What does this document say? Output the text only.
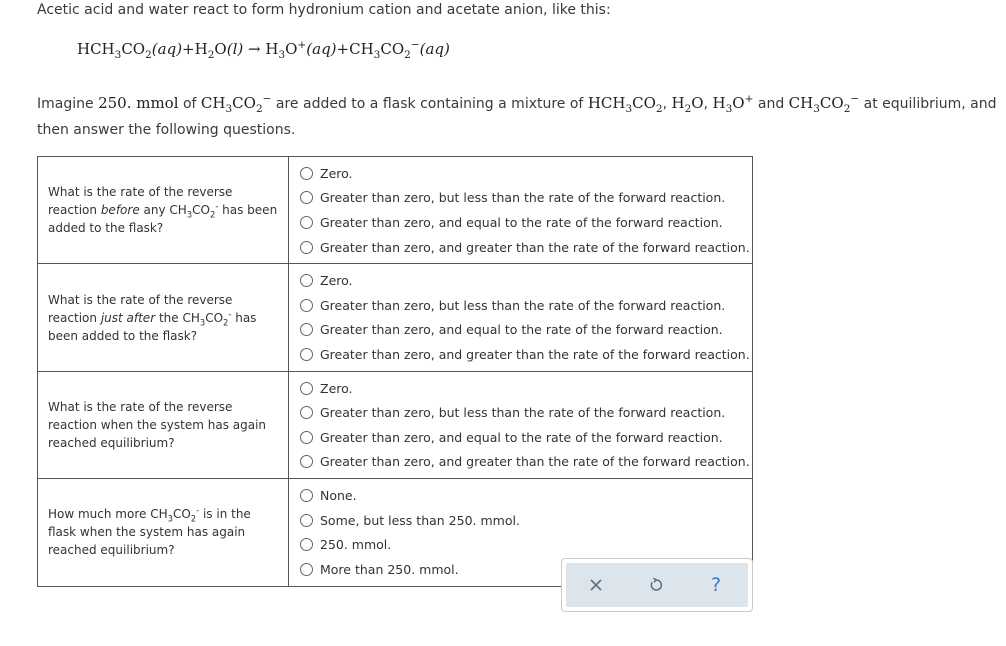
Acetic acid and water react to form hydronium cation and acetate anion, like this:
$HCH_3CO_2(aq)+H_2O(l) \to H_3O^+(aq)+CH_3CO_2^-(aq)$
Imagine 250. mmol of $CH_3CO_2^-$ are added to a flask containing a mixture of $HCH_3CO_2$, $H_2O$, $H_3O^+$ and $CH_3CO_2^-$ at equilibrium, and then answer the following questions.
What is the rate of the reverse reaction before any $CH_3CO_2^-$ has been added to the flask?	Zero.
Greater than zero, but less than the rate of the forward reaction.
Greater than zero, and equal to the rate of the forward reaction.
Greater than zero, and greater than the rate of the forward reaction.

What is the rate of the reverse reaction just after the $CH_3CO_2^-$ has been added to the flask?	Zero.
Greater than zero, but less than the rate of the forward reaction.
Greater than zero, and equal to the rate of the forward reaction.
Greater than zero, and greater than the rate of the forward reaction.

What is the rate of the reverse reaction when the system has again reached equilibrium?	Zero.
Greater than zero, but less than the rate of the forward reaction.
Greater than zero, and equal to the rate of the forward reaction.
Greater than zero, and greater than the rate of the forward reaction.

How much more $CH_3CO_2^-$ is in the flask when the system has again reached equilibrium?	None.
Some, but less than 250. mmol.
250. mmol.
More than 250. mmol.
?
